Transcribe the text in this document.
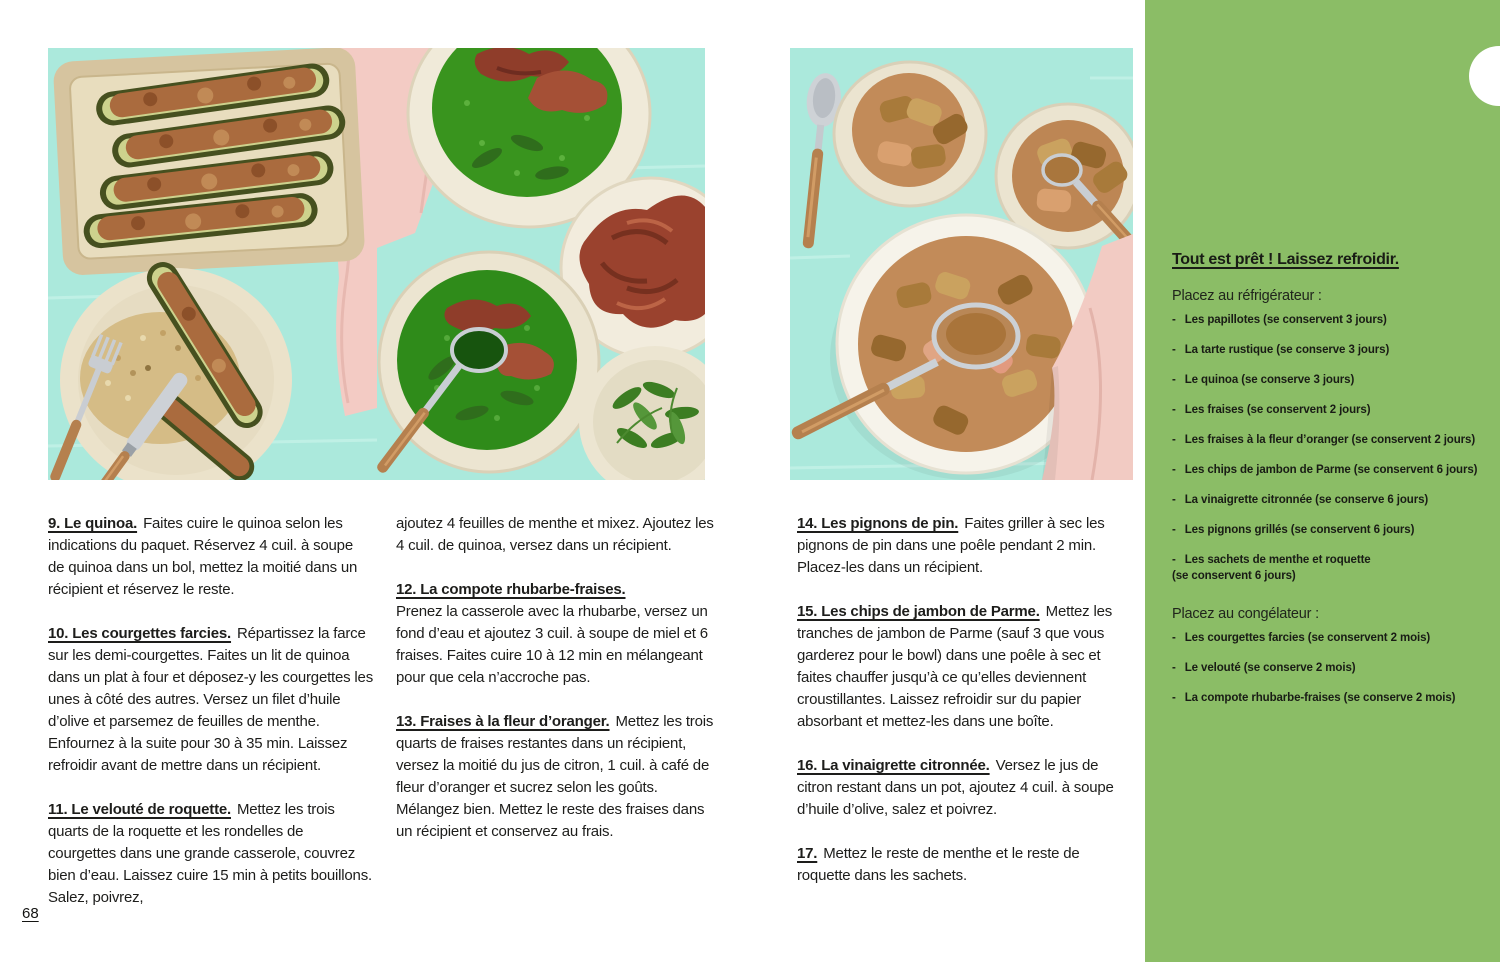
9. Le quinoa. Faites cuire le quinoa selon les indications du paquet. Réservez 4 cuil. à soupe de quinoa dans un bol, mettez la moitié dans un récipient et réservez le reste.

10. Les courgettes farcies. Répartissez la farce sur les demi-courgettes. Faites un lit de quinoa dans un plat à four et déposez-y les courgettes les unes à côté des autres. Versez un filet d’huile d’olive et parsemez de feuilles de menthe. Enfournez à la suite pour 30 à 35 min. Laissez refroidir avant de mettre dans un récipient.

11. Le velouté de roquette. Mettez les trois quarts de la roquette et les rondelles de courgettes dans une grande casserole, couvrez bien d’eau. Laissez cuire 15 min à petits bouillons. Salez, poivrez,

ajoutez 4 feuilles de menthe et mixez. Ajoutez les 4 cuil. de quinoa, versez dans un récipient.

12. La compote rhubarbe-fraises.
Prenez la casserole avec la rhubarbe, versez un fond d’eau et ajoutez 3 cuil. à soupe de miel et 6 fraises. Faites cuire 10 à 12 min en mélangeant pour que cela n’accroche pas.

13. Fraises à la fleur d’oranger. Mettez les trois quarts de fraises restantes dans un récipient, versez la moitié du jus de citron, 1 cuil. à café de fleur d’oranger et sucrez selon les goûts. Mélangez bien. Mettez le reste des fraises dans un récipient et conservez au frais.

14. Les pignons de pin. Faites griller à sec les pignons de pin dans une poêle pendant 2 min. Placez-les dans un récipient.

15. Les chips de jambon de Parme. Mettez les tranches de jambon de Parme (sauf 3 que vous garderez pour le bowl) dans une poêle à sec et faites chauffer jusqu’à ce qu’elles deviennent croustillantes. Laissez refroidir sur du papier absorbant et mettez-les dans une boîte.

16. La vinaigrette citronnée. Versez le jus de citron restant dans un pot, ajoutez 4 cuil. à soupe d’huile d’olive, salez et poivrez.

17. Mettez le reste de menthe et le reste de roquette dans les sachets.

Tout est prêt ! Laissez refroidir.

Placez au réfrigérateur :

- Les papillotes (se conservent 3 jours)
- La tarte rustique (se conserve 3 jours)
- Le quinoa (se conserve 3 jours)
- Les fraises (se conservent 2 jours)
- Les fraises à la fleur d’oranger (se conservent 2 jours)
- Les chips de jambon de Parme (se conservent 6 jours)
- La vinaigrette citronnée (se conserve 6 jours)
- Les pignons grillés (se conservent 6 jours)
- Les sachets de menthe et roquette
(se conservent 6 jours)

Placez au congélateur :

- Les courgettes farcies (se conservent 2 mois)
- Le velouté (se conserve 2 mois)
- La compote rhubarbe-fraises (se conserve 2 mois)
68
